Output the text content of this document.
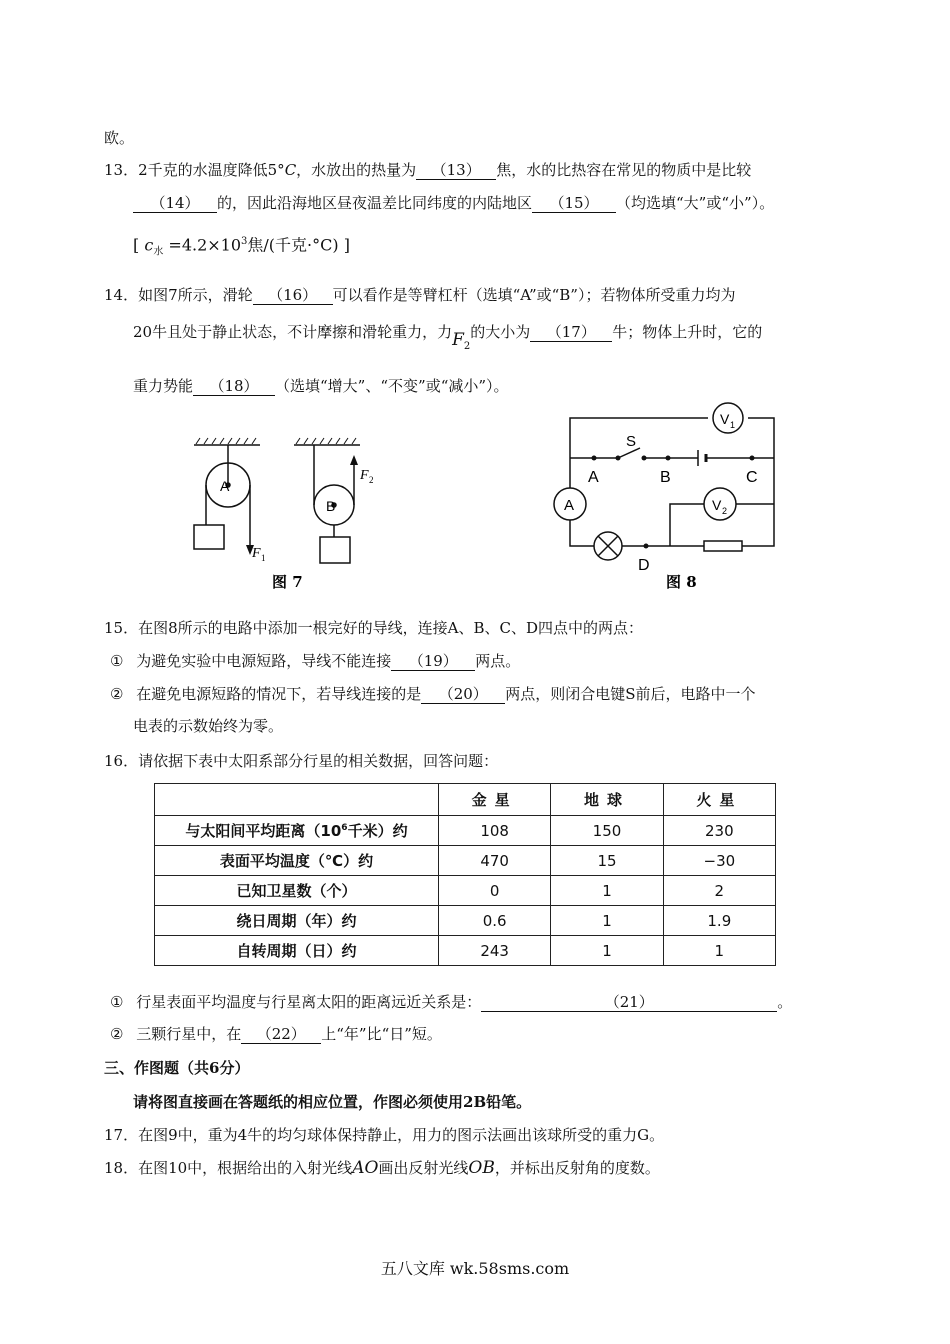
欧。
13．2千克的水温度降低5°C，水放出的热量为 （13） 焦，水的比热容在常见的物质中是比较
（14） 的，因此沿海地区昼夜温差比同纬度的内陆地区 （15） （均选填“大”或“小”）。
[ $c_水 =4.2\times 10^3$焦/(千克·°C) ]
14．如图7所示，滑轮 （16） 可以看作是等臂杠杆（选填“A”或“B”）；若物体所受重力均为
20牛且处于静止状态，不计摩擦和滑轮重力，力$F_2$的大小为 （17） 牛；物体上升时，它的
重力势能 （18） （选填“增大”、“不变”或“减小”）。
A
B
F 1
F 2
图 7
V 1
V 2
A
S
A	B	C
D
图 8
15．在图8所示的电路中添加一根完好的导线，连接A、B、C、D四点中的两点：
① 为避免实验中电源短路，导线不能连接 （19） 两点。
② 在避免电源短路的情况下，若导线连接的是 （20） 两点，则闭合电键S前后，电路中一个
电表的示数始终为零。
16．请依据下表中太阳系部分行星的相关数据，回答问题：
	金星	地球	火星
与太阳间平均距离（$10^6$千米）约	108	150	230
表面平均温度（℃）约	470	15	−30
已知卫星数（个）	0	1	2
绕日周期（年）约	0.6	1	1.9
自转周期（日）约	243	1	1
① 行星表面平均温度与行星离太阳的距离远近关系是：	（21）	。
② 三颗行星中，在 （22） 上“年”比“日”短。
三、作图题（共6分）
请将图直接画在答题纸的相应位置，作图必须使用2B铅笔。
17．在图9中，重为4牛的均匀球体保持静止，用力的图示法画出该球所受的重力G。
18．在图10中，根据给出的入射光线AO画出反射光线OB，并标出反射角的度数。
五八文库 wk.58sms.com
